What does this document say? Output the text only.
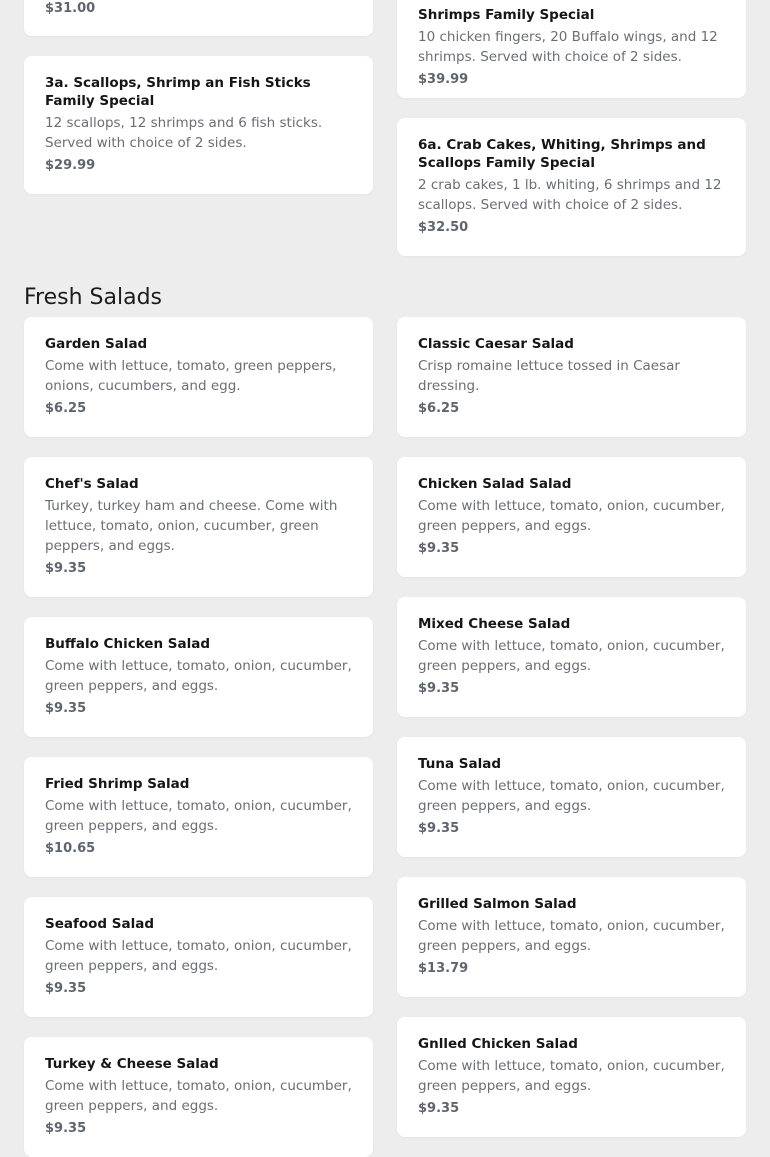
$31.00	Shrimps Family Special

10 chicken fingers, 20 Buffalo wings, and 12 shrimps. Served with choice of 2 sides.

$39.99

3a. Scallops, Shrimp an Fish Sticks Family Special

12 scallops, 12 shrimps and 6 fish sticks. Served with choice of 2 sides.

$29.99

6a. Crab Cakes, Whiting, Shrimps and Scallops Family Special

2 crab cakes, 1 lb. whiting, 6 shrimps and 12 scallops. Served with choice of 2 sides.

$32.50

Fresh Salads

Garden Salad

Come with lettuce, tomato, green peppers, onions, cucumbers, and egg.

$6.25

Chef's Salad

Turkey, turkey ham and cheese. Come with lettuce, tomato, onion, cucumber, green peppers, and eggs.

$9.35

Buffalo Chicken Salad

Come with lettuce, tomato, onion, cucumber, green peppers, and eggs.

$9.35

Fried Shrimp Salad

Come with lettuce, tomato, onion, cucumber, green peppers, and eggs.

$10.65

Seafood Salad

Come with lettuce, tomato, onion, cucumber, green peppers, and eggs.

$9.35

Turkey & Cheese Salad

Come with lettuce, tomato, onion, cucumber, green peppers, and eggs.

$9.35

Classic Caesar Salad

Crisp romaine lettuce tossed in Caesar dressing.

$6.25

Chicken Salad Salad

Come with lettuce, tomato, onion, cucumber, green peppers, and eggs.

$9.35

Mixed Cheese Salad

Come with lettuce, tomato, onion, cucumber, green peppers, and eggs.

$9.35

Tuna Salad

Come with lettuce, tomato, onion, cucumber, green peppers, and eggs.

$9.35

Grilled Salmon Salad

Come with lettuce, tomato, onion, cucumber, green peppers, and eggs.

$13.79

Gnlled Chicken Salad

Come with lettuce, tomato, onion, cucumber, green peppers, and eggs.

$9.35
